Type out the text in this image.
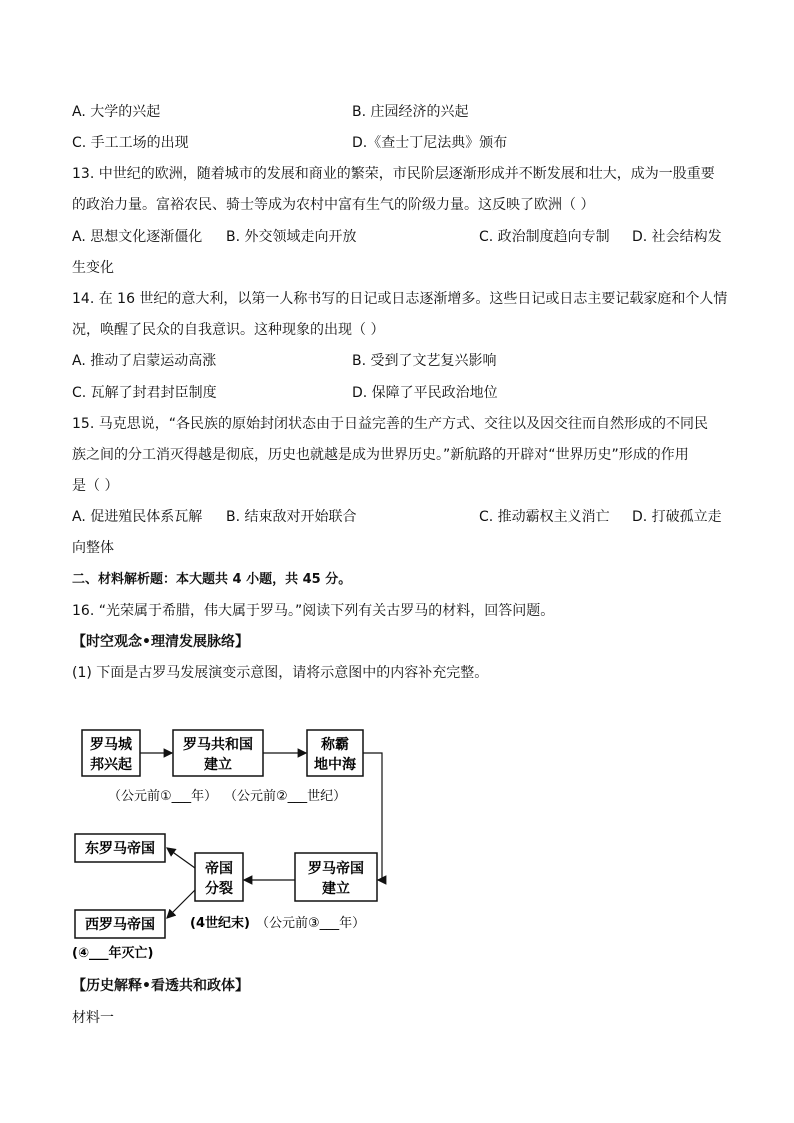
A. 大学的兴起	B. 庄园经济的兴起
C. 手工工场的出现	D.《查士丁尼法典》颁布
13. 中世纪的欧洲，随着城市的发展和商业的繁荣，市民阶层逐渐形成并不断发展和壮大，成为一股重要
的政治力量。富裕农民、骑士等成为农村中富有生气的阶级力量。这反映了欧洲（ ）
A. 思想文化逐渐僵化 B. 外交领域走向开放	C. 政治制度趋向专制 D. 社会结构发
生变化
14. 在 16 世纪的意大利，以第一人称书写的日记或日志逐渐增多。这些日记或日志主要记载家庭和个人情
况，唤醒了民众的自我意识。这种现象的出现（ ）
A. 推动了启蒙运动高涨	B. 受到了文艺复兴影响
C. 瓦解了封君封臣制度	D. 保障了平民政治地位
15. 马克思说，“各民族的原始封闭状态由于日益完善的生产方式、交往以及因交往而自然形成的不同民
族之间的分工消灭得越是彻底，历史也就越是成为世界历史。”新航路的开辟对“世界历史”形成的作用
是（ ）
A. 促进殖民体系瓦解 B. 结束敌对开始联合	C. 推动霸权主义消亡 D. 打破孤立走
向整体
二、材料解析题：本大题共 4 小题，共 45 分。
16. “光荣属于希腊，伟大属于罗马。”阅读下列有关古罗马的材料，回答问题。
【时空观念•理清发展脉络】
(1) 下面是古罗马发展演变示意图，请将示意图中的内容补充完整。
罗马城
邦兴起
罗马共和国
建立
称霸
地中海
（公元前①___年） （公元前②___世纪）
罗马帝国
建立
帝国
分裂
东罗马帝国
西罗马帝国	(4世纪末) （公元前③___年）
(④___年灭亡)
【历史解释•看透共和政体】
材料一
